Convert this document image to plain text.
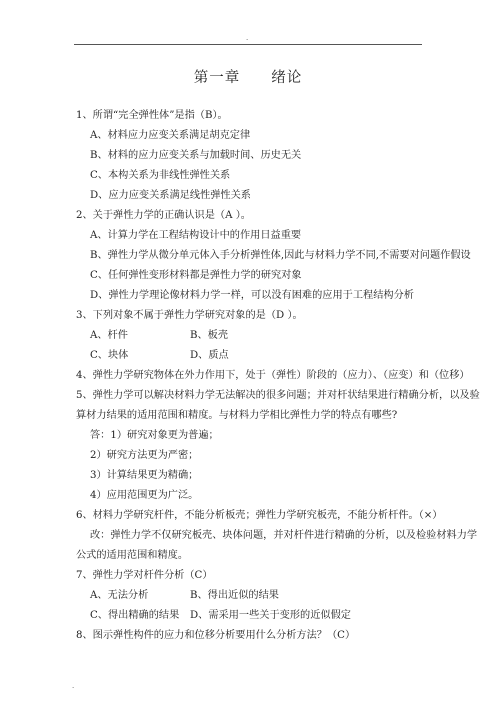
.
第一章　　绪论
1、所谓“完全弹性体”是指（B）。
A、材料应力应变关系满足胡克定律
B、材料的应力应变关系与加载时间、历史无关
C、本构关系为非线性弹性关系
D、应力应变关系满足线性弹性关系
2、关于弹性力学的正确认识是（A ）。
A、计算力学在工程结构设计中的作用日益重要
B、弹性力学从微分单元体入手分析弹性体,因此与材料力学不同,不需要对问题作假设
C、任何弹性变形材料都是弹性力学的研究对象
D、弹性力学理论像材料力学一样，可以没有困难的应用于工程结构分析
3、下列对象不属于弹性力学研究对象的是（D ）。
A、杆件	B、板壳
C、块体	D、质点
4、弹性力学研究物体在外力作用下，处于（弹性）阶段的（应力）、（应变）和（位移）
5、弹性力学可以解决材料力学无法解决的很多问题；并对杆状结果进行精确分析，以及验
算材力结果的适用范围和精度。与材料力学相比弹性力学的特点有哪些?
答：1）研究对象更为普遍；
2）研究方法更为严密；
3）计算结果更为精确；
4）应用范围更为广泛。
6、材料力学研究杆件，不能分析板壳；弹性力学研究板壳，不能分析杆件。（×）
改：弹性力学不仅研究板壳、块体问题，并对杆件进行精确的分析，以及检验材料力学
公式的适用范围和精度。
7、弹性力学对杆件分析（C）
A、无法分析	B、得出近似的结果
C、得出精确的结果 D、需采用一些关于变形的近似假定
8、图示弹性构件的应力和位移分析要用什么分析方法？（C）
.
